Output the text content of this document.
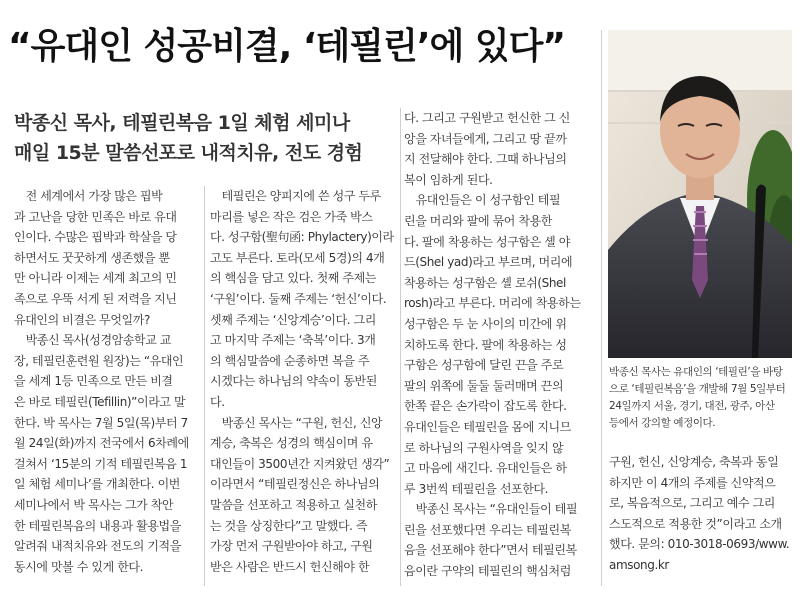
“유대인 성공비결, ‘테필린’에 있다”
박종신 목사, 테필린복음 1일 체험 세미나
매일 15분 말씀선포로 내적치유, 전도 경험
　전 세계에서 가장 많은 핍박
과 고난을 당한 민족은 바로 유대
인이다. 수많은 핍박과 학살을 당
하면서도 꿋꿋하게 생존했을 뿐
만 아니라 이제는 세계 최고의 민
족으로 우뚝 서게 된 저력을 지닌
유대인의 비결은 무엇일까?
　박종신 목사(성경암송학교 교
장, 테필린훈련원 원장)는 “유대인
을 세계 1등 민족으로 만든 비결
은 바로 테필린(Tefillin)”이라고 말
한다. 박 목사는 7월 5일(목)부터 7
월 24일(화)까지 전국에서 6차례에
걸쳐서 ‘15분의 기적 테필린복음 1
일 체험 세미나’를 개최한다. 이번
세미나에서 박 목사는 그가 착안
한 테필린복음의 내용과 활용법을
알려줘 내적치유와 전도의 기적을
동시에 맛볼 수 있게 한다.
　테필린은 양피지에 쓴 성구 두루
마리를 넣은 작은 검은 가죽 박스
다. 성구함(聖句函: Phylactery)이라
고도 부른다. 토라(모세 5경)의 4개
의 핵심을 담고 있다. 첫째 주제는
‘구원’이다. 둘째 주제는 ‘헌신’이다.
셋째 주제는 ‘신앙계승’이다. 그리
고 마지막 주제는 ‘축복’이다. 3개
의 핵심말씀에 순종하면 복을 주
시겠다는 하나님의 약속이 동반된
다.
　박종신 목사는 “구원, 헌신, 신앙
계승, 축복은 성경의 핵심이며 유
대인들이 3500년간 지켜왔던 생각”
이라면서 “테필린정신은 하나님의
말씀을 선포하고 적용하고 실천하
는 것을 상징한다”고 말했다. 즉
가장 먼저 구원받아야 하고, 구원
받은 사람은 반드시 헌신해야 한
다. 그리고 구원받고 헌신한 그 신
앙을 자녀들에게, 그리고 땅 끝까
지 전달해야 한다. 그때 하나님의
복이 임하게 된다.
　유대인들은 이 성구함인 테필
린을 머리와 팔에 묶어 착용한
다. 팔에 착용하는 성구함은 셸 야
드(Shel yad)라고 부르며, 머리에
착용하는 성구함은 셸 로쉬(Shel
rosh)라고 부른다. 머리에 착용하는
성구함은 두 눈 사이의 미간에 위
치하도록 한다. 팔에 착용하는 성
구함은 성구함에 달린 끈을 주로
팔의 위쪽에 둘둘 둘러매며 끈의
한쪽 끝은 손가락이 잡도록 한다.
유대인들은 테필린을 몸에 지니므
로 하나님의 구원사역을 잊지 않
고 마음에 새긴다. 유대인들은 하
루 3번씩 테필린을 선포한다.
　박종신 목사는 “유대인들이 테필
린을 선포했다면 우리는 테필린복
음을 선포해야 한다”면서 테필린복
음이란 구약의 테필린의 핵심처럼
박종신 목사는 유대인의 ‘테필린’을 바탕
으로 ‘테필린복음’을 개발해 7월 5일부터
24일까지 서울, 경기, 대전, 광주, 아산
등에서 강의할 예정이다.
구원, 헌신, 신앙계승, 축복과 동일
하지만 이 4개의 주제를 신약적으
로, 복음적으로, 그리고 예수 그리
스도적으로 적용한 것”이라고 소개
했다. 문의: 010-3018-0693/www.
amsong.kr
